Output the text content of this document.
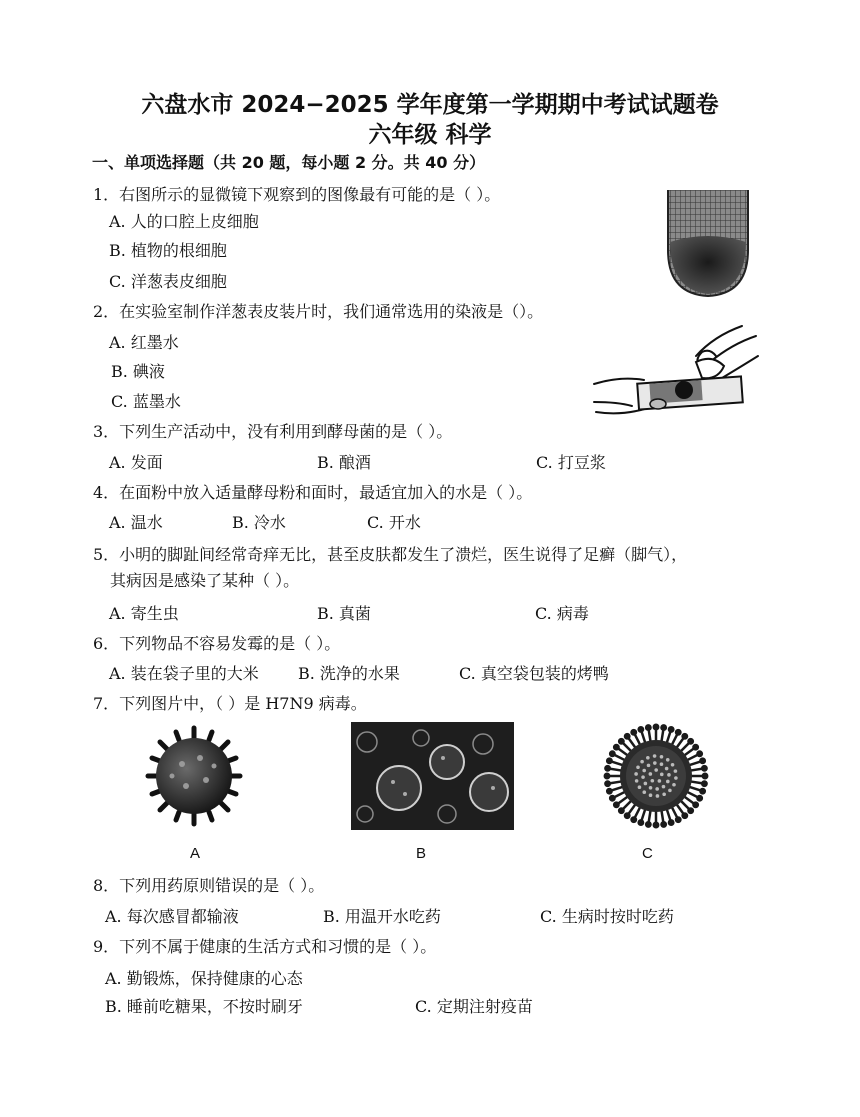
六盘水市 2024−2025 学年度第一学期期中考试试题卷
六年级 科学
一、单项选择题（共 20 题，每小题 2 分。共 40 分）
1．右图所示的显微镜下观察到的图像最有可能的是（ ）。
A. 人的口腔上皮细胞
B. 植物的根细胞
C. 洋葱表皮细胞
2．在实验室制作洋葱表皮装片时，我们通常选用的染液是（）。
A. 红墨水
B. 碘液
C. 蓝墨水
3．下列生产活动中，没有利用到酵母菌的是（ ）。
A. 发面	B. 酿酒	C. 打豆浆
4．在面粉中放入适量酵母粉和面时，最适宜加入的水是（ ）。
A. 温水	B. 冷水	C. 开水
5．小明的脚趾间经常奇痒无比，甚至皮肤都发生了溃烂，医生说得了足癣（脚气），
其病因是感染了某种（ ）。
A. 寄生虫	B. 真菌	C. 病毒
6．下列物品不容易发霉的是（ ）。
A. 装在袋子里的大米 B. 洗净的水果	C. 真空袋包装的烤鸭
7．下列图片中，（ ）是 H7N9 病毒。
A	B	C
8．下列用药原则错误的是（ ）。
A. 每次感冒都输液	B. 用温开水吃药	C. 生病时按时吃药
9．下列不属于健康的生活方式和习惯的是（ ）。
A. 勤锻炼，保持健康的心态
B. 睡前吃糖果，不按时刷牙	C. 定期注射疫苗
